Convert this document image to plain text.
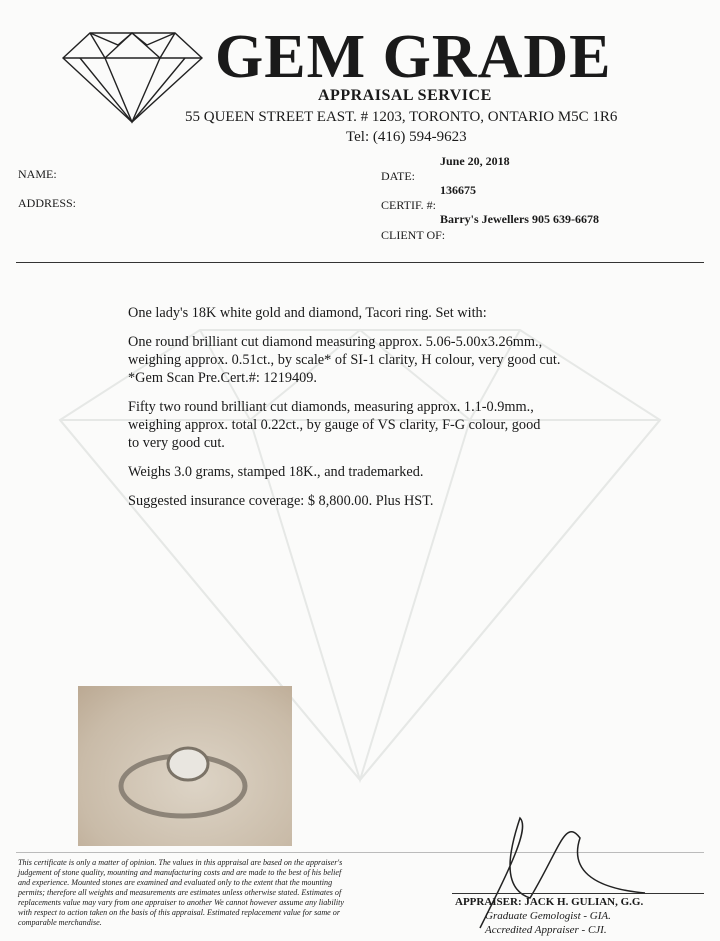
GEM GRADE
APPRAISAL SERVICE
55 QUEEN STREET EAST. # 1203, TORONTO, ONTARIO M5C 1R6
Tel: (416) 594-9623
NAME:
ADDRESS:
June 20, 2018
DATE:
136675
CERTIF. #:
Barry's Jewellers 905 639-6678
CLIENT OF:

One lady's 18K white gold and diamond, Tacori ring. Set with:

One round brilliant cut diamond measuring approx. 5.06-5.00x3.26mm.,
weighing approx. 0.51ct., by scale* of SI-1 clarity, H colour, very good cut.
*Gem Scan Pre.Cert.#: 1219409.

Fifty two round brilliant cut diamonds, measuring approx. 1.1-0.9mm.,
weighing approx. total 0.22ct., by gauge of VS clarity, F-G colour, good
to very good cut.

Weighs 3.0 grams, stamped 18K., and trademarked.

Suggested insurance coverage: $ 8,800.00. Plus HST.

This certificate is only a matter of opinion. The values in this appraisal are based on the appraiser's judgement of stone quality, mounting and manufacturing costs and are made to the best of his belief and experience. Mounted stones are examined and evaluated only to the extent that the mounting permits; therefore all weights and measurements are estimates unless otherwise stated. Estimates of replacements value may vary from one appraiser to another We cannot however assume any liability with respect to action taken on the basis of this appraisal. Estimated replacement value for same or comparable merchandise.
APPRAISER: JACK H. GULIAN, G.G.
Graduate Gemologist - GIA.
Accredited Appraiser - CJI.
